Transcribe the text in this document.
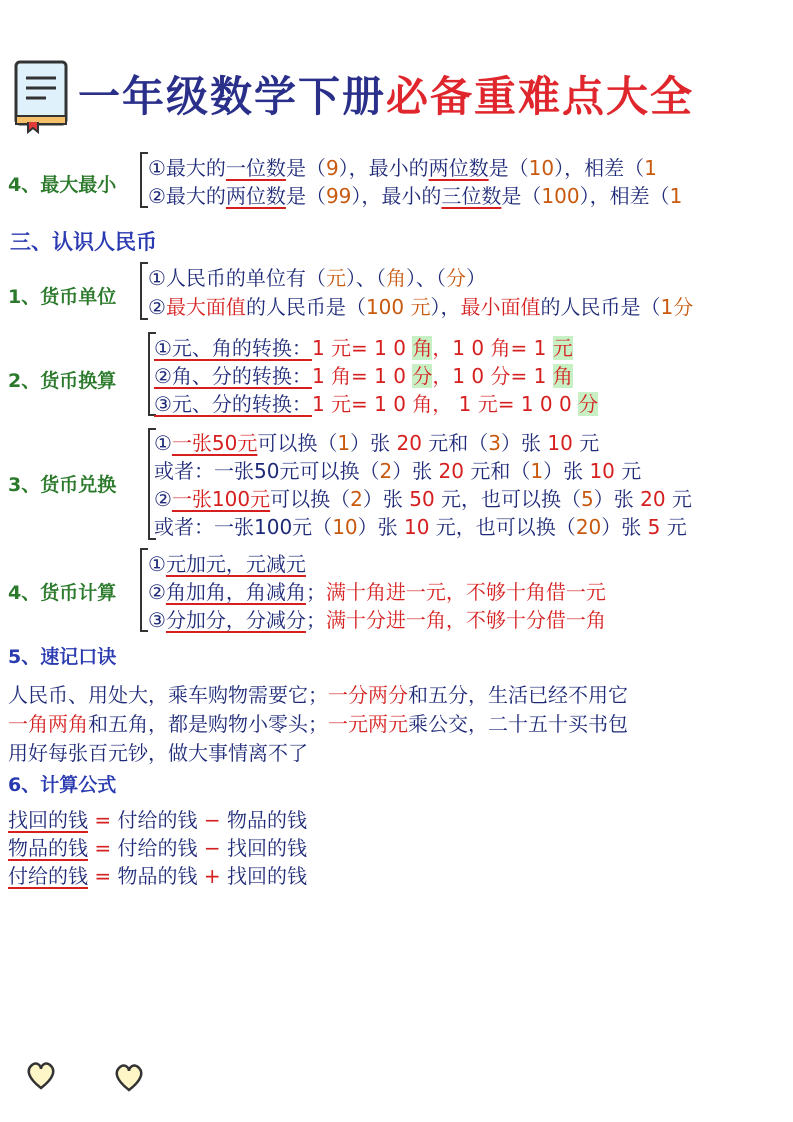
一年级数学下册必备重难点大全
4、最大最小
①最大的一位数是（9），最小的两位数是（10），相差（1
②最大的两位数是（99），最小的三位数是（100），相差（1
三、认识人民币
1、货币单位
①人民币的单位有（元）、（角）、（分）
②最大面值的人民币是（100 元），最小面值的人民币是（1分
2、货币换算
①元、角的转换：1 元= 1 0 角，1 0 角= 1 元
②角、分的转换：1 角= 1 0 分，1 0 分= 1 角
③元、分的转换：1 元= 1 0 角， 1 元= 1 0 0 分
3、货币兑换
①一张50元可以换（1）张 20 元和（3）张 10 元
或者：一张50元可以换（2）张 20 元和（1）张 10 元
②一张100元可以换（2）张 50 元，也可以换（5）张 20 元
或者：一张100元（10）张 10 元，也可以换（20）张 5 元
4、货币计算
①元加元，元减元
②角加角，角减角；满十角进一元，不够十角借一元
③分加分，分减分；满十分进一角，不够十分借一角
5、速记口诀
人民币、用处大，乘车购物需要它；一分两分和五分，生活已经不用它
一角两角和五角，都是购物小零头；一元两元乘公交，二十五十买书包
用好每张百元钞，做大事情离不了
6、计算公式
找回的钱 = 付给的钱 − 物品的钱
物品的钱 = 付给的钱 − 找回的钱
付给的钱 = 物品的钱 + 找回的钱
